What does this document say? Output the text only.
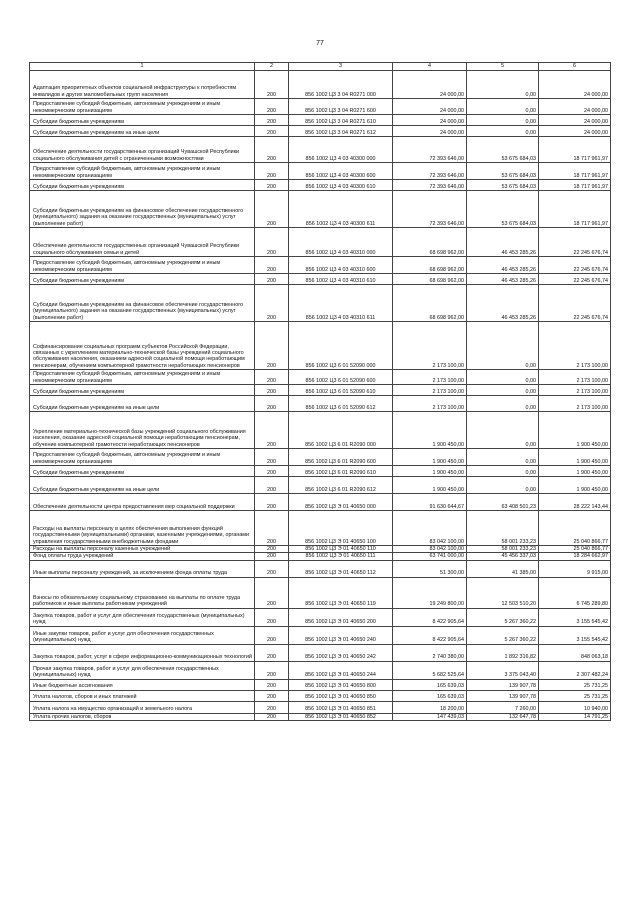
77
1	2	3	4	5	6

Адаптация приоритетных объектов социальной инфраструктуры к потребностям инвалидов и других маломобильных групп населения	200	856 1002 Ц3 3 04 R0271 000	24 000,00	0,00	24 000,00

Предоставление субсидий бюджетным, автономным учреждениям и иным некоммерческим организациям	200	856 1002 Ц3 3 04 R0271 600	24 000,00	0,00	24 000,00

Субсидии бюджетным учреждениям	200	856 1002 Ц3 3 04 R0271 610	24 000,00	0,00	24 000,00

Субсидии бюджетным учреждениям на иные цели	200	856 1002 Ц3 3 04 R0271 612	24 000,00	0,00	24 000,00

Обеспечение деятельности государственных организаций Чувашской Республики социального обслуживания детей с ограниченными возможностями	200	856 1002 Ц3 4 03 40300 000	72 393 646,00	53 675 684,03	18 717 961,97

Предоставление субсидий бюджетным, автономным учреждениям и иным некоммерческим организациям	200	856 1002 Ц3 4 03 40300 600	72 393 646,00	53 675 684,03	18 717 961,97

Субсидии бюджетным учреждениям	200	856 1002 Ц3 4 03 40300 610	72 393 646,00	53 675 684,03	18 717 961,97

Субсидии бюджетным учреждениям на финансовое обеспечение государственного (муниципального) задания на оказание государственных (муниципальных) услуг (выполнение работ)	200	856 1002 Ц3 4 03 40300 611	72 393 646,00	53 675 684,03	18 717 961,97

Обеспечение деятельности государственных организаций Чувашской Республики социального обслуживания семьи и детей	200	856 1002 Ц3 4 03 40310 000	68 698 962,00	46 453 285,26	22 245 676,74

Предоставление субсидий бюджетным, автономным учреждениям и иным некоммерческим организациям	200	856 1002 Ц3 4 03 40310 600	68 698 962,00	46 453 285,26	22 245 676,74

Субсидии бюджетным учреждениям	200	856 1002 Ц3 4 03 40310 610	68 698 962,00	46 453 285,26	22 245 676,74

Субсидии бюджетным учреждениям на финансовое обеспечение государственного (муниципального) задания на оказание государственных (муниципальных) услуг (выполнение работ)	200	856 1002 Ц3 4 03 40310 611	68 698 962,00	46 453 285,26	22 245 676,74

Софинансирование социальных программ субъектов Российской Федерации, связанных с укреплением материально-технической базы учреждений социального обслуживания населения, оказанием адресной социальной помощи неработающим пенсионерам, обучением компьютерной грамотности неработающих пенсионеров	200	856 1002 Ц3 6 01 52090 000	2 173 100,00	0,00	2 173 100,00

Предоставление субсидий бюджетным, автономным учреждениям и иным некоммерческим организациям	200	856 1002 Ц3 6 01 52090 600	2 173 100,00	0,00	2 173 100,00

Субсидии бюджетным учреждениям	200	856 1002 Ц3 6 01 52090 610	2 173 100,00	0,00	2 173 100,00

Субсидии бюджетным учреждениям на иные цели	200	856 1002 Ц3 6 01 52090 612	2 173 100,00	0,00	2 173 100,00

Укрепление материально-технической базы учреждений социального обслуживания населения, оказание адресной социальной помощи неработающим пенсионерам, обучение компьютерной грамотности неработающих пенсионеров	200	856 1002 Ц3 6 01 R2090 000	1 900 450,00	0,00	1 900 450,00

Предоставление субсидий бюджетным, автономным учреждениям и иным некоммерческим организациям	200	856 1002 Ц3 6 01 R2090 600	1 900 450,00	0,00	1 900 450,00

Субсидии бюджетным учреждениям	200	856 1002 Ц3 6 01 R2090 610	1 900 450,00	0,00	1 900 450,00

Субсидии бюджетным учреждениям на иные цели	200	856 1002 Ц3 6 01 R2090 612	1 900 450,00	0,00	1 900 450,00

Обеспечение деятельности центра предоставления мер социальной поддержки	200	856 1002 Ц3 Э 01 40650 000	91 630 644,67	63 408 501,23	28 222 143,44

Расходы на выплаты персоналу в целях обеспечения выполнения функций государственными (муниципальными) органами, казенными учреждениями, органами управления государственными внебюджетными фондами	200	856 1002 Ц3 Э 01 40650 100	83 042 100,00	58 001 233,23	25 040 866,77

Расходы на выплаты персоналу казенных учреждений	200	856 1002 Ц3 Э 01 40650 110	83 042 100,00	58 001 233,23	25 040 866,77

Фонд оплаты труда учреждений	200	856 1002 Ц3 Э 01 40650 111	63 741 000,00	45 456 337,03	18 284 662,97

Иные выплаты персоналу учреждений, за исключением фонда оплаты труда	200	856 1002 Ц3 Э 01 40650 112	51 300,00	41 385,00	9 915,00

Взносы по обязательному социальному страхованию на выплаты по оплате труда работников и иные выплаты работникам учреждений	200	856 1002 Ц3 Э 01 40650 119	19 249 800,00	12 503 510,20	6 745 289,80

Закупка товаров, работ и услуг для обеспечения государственных (муниципальных) нужд	200	856 1002 Ц3 Э 01 40650 200	8 422 905,64	5 267 360,22	3 155 545,42

Иные закупки товаров, работ и услуг для обеспечения государственных (муниципальных) нужд	200	856 1002 Ц3 Э 01 40650 240	8 422 905,64	5 267 360,22	3 155 545,42

Закупка товаров, работ, услуг в сфере информационно-коммуникационных технологий	200	856 1002 Ц3 Э 01 40650 242	2 740 380,00	1 892 316,82	848 063,18

Прочая закупка товаров, работ и услуг для обеспечения государственных (муниципальных) нужд	200	856 1002 Ц3 Э 01 40650 244	5 682 525,64	3 375 043,40	2 307 482,24

Иные бюджетные ассигнования	200	856 1002 Ц3 Э 01 40650 800	165 639,03	139 907,78	25 731,25

Уплата налогов, сборов и иных платежей	200	856 1002 Ц3 Э 01 40650 850	165 639,03	139 907,78	25 731,25

Уплата налога на имущество организаций и земельного налога	200	856 1002 Ц3 Э 01 40650 851	18 200,00	7 260,00	10 940,00

Уплата прочих налогов, сборов	200	856 1002 Ц3 Э 01 40650 852	147 439,03	132 647,78	14 791,25
